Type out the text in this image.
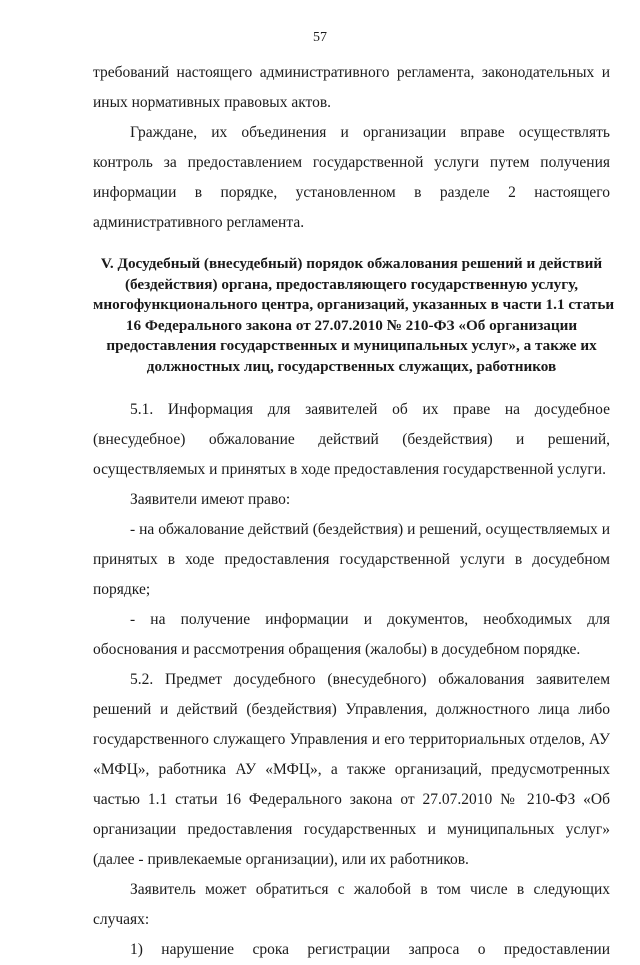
57

требований настоящего административного регламента, законодательных и иных нормативных правовых актов.

Граждане, их объединения и организации вправе осуществлять контроль за предоставлением государственной услуги путем получения информации в порядке, установленном в разделе 2 настоящего административного регламента.

V. Досудебный (внесудебный) порядок обжалования решений и действий
(бездействия) органа, предоставляющего государственную услугу,
многофункционального центра, организаций, указанных в части 1.1 статьи
16 Федерального закона от 27.07.2010 № 210-ФЗ «Об организации
предоставления государственных и муниципальных услуг», а также их
должностных лиц, государственных служащих, работников

5.1. Информация для заявителей об их праве на досудебное (внесудебное) обжалование действий (бездействия) и решений, осуществляемых и принятых в ходе предоставления государственной услуги.

Заявители имеют право:

- на обжалование действий (бездействия) и решений, осуществляемых и принятых в ходе предоставления государственной услуги в досудебном порядке;

- на получение информации и документов, необходимых для обоснования и рассмотрения обращения (жалобы) в досудебном порядке.

5.2. Предмет досудебного (внесудебного) обжалования заявителем решений и действий (бездействия) Управления, должностного лица либо государственного служащего Управления и его территориальных отделов, АУ «МФЦ», работника АУ «МФЦ», а также организаций, предусмотренных частью 1.1 статьи 16 Федерального закона от 27.07.2010 № 210-ФЗ «Об организации предоставления государственных и муниципальных услуг» (далее - привлекаемые организации), или их работников.

Заявитель может обратиться с жалобой в том числе в следующих случаях:

1) нарушение срока регистрации запроса о предоставлении
